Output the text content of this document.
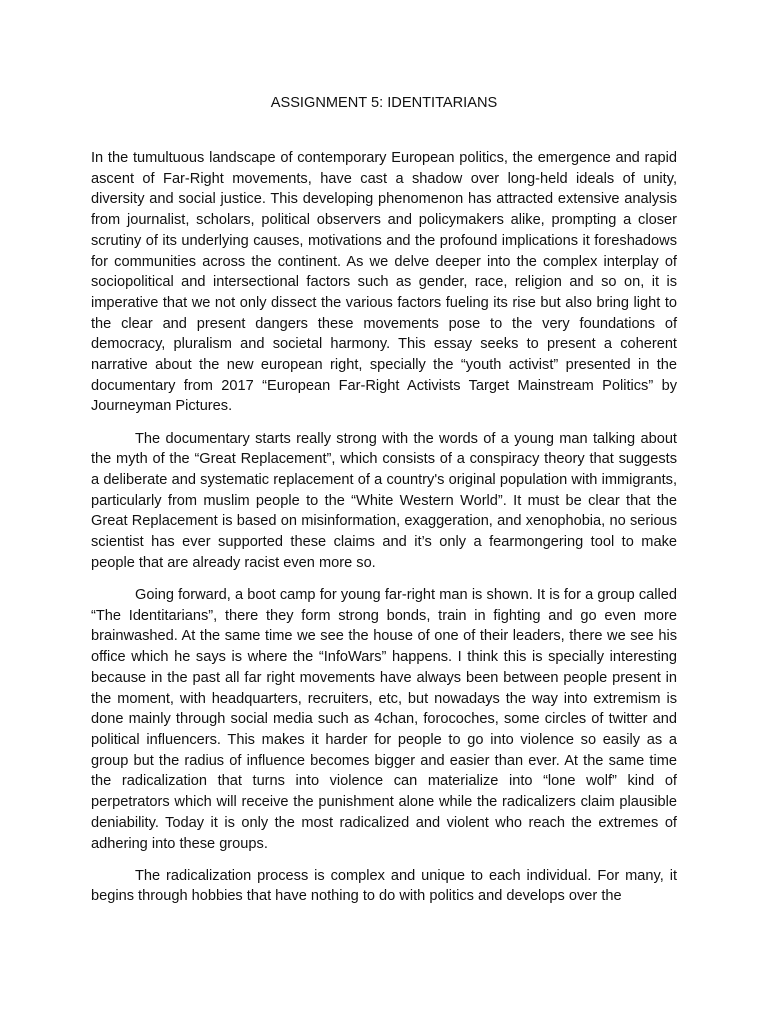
ASSIGNMENT 5: IDENTITARIANS

In the tumultuous landscape of contemporary European politics, the emergence and rapid ascent of Far-Right movements, have cast a shadow over long-held ideals of unity, diversity and social justice. This developing phenomenon has attracted extensive analysis from journalist, scholars, political observers and policymakers alike, prompting a closer scrutiny of its underlying causes, motivations and the profound implications it foreshadows for communities across the continent. As we delve deeper into the complex interplay of sociopolitical and intersectional factors such as gender, race, religion and so on, it is imperative that we not only dissect the various factors fueling its rise but also bring light to the clear and present dangers these movements pose to the very foundations of democracy, pluralism and societal harmony. This essay seeks to present a coherent narrative about the new european right, specially the “youth activist” presented in the documentary from 2017 “European Far-Right Activists Target Mainstream Politics” by Journeyman Pictures.

The documentary starts really strong with the words of a young man talking about the myth of the “Great Replacement”, which consists of a conspiracy theory that suggests a deliberate and systematic replacement of a country's original population with immigrants, particularly from muslim people to the “White Western World”. It must be clear that the Great Replacement is based on misinformation, exaggeration, and xenophobia, no serious scientist has ever supported these claims and it’s only a fearmongering tool to make people that are already racist even more so.

Going forward, a boot camp for young far-right man is shown. It is for a group called “The Identitarians”, there they form strong bonds, train in fighting and go even more brainwashed. At the same time we see the house of one of their leaders, there we see his office which he says is where the “InfoWars” happens. I think this is specially interesting because in the past all far right movements have always been between people present in the moment, with headquarters, recruiters, etc, but nowadays the way into extremism is done mainly through social media such as 4chan, forocoches, some circles of twitter and political influencers. This makes it harder for people to go into violence so easily as a group but the radius of influence becomes bigger and easier than ever. At the same time the radicalization that turns into violence can materialize into “lone wolf” kind of perpetrators which will receive the punishment alone while the radicalizers claim plausible deniability. Today it is only the most radicalized and violent who reach the extremes of adhering into these groups.

The radicalization process is complex and unique to each individual. For many, it begins through hobbies that have nothing to do with politics and develops over the
